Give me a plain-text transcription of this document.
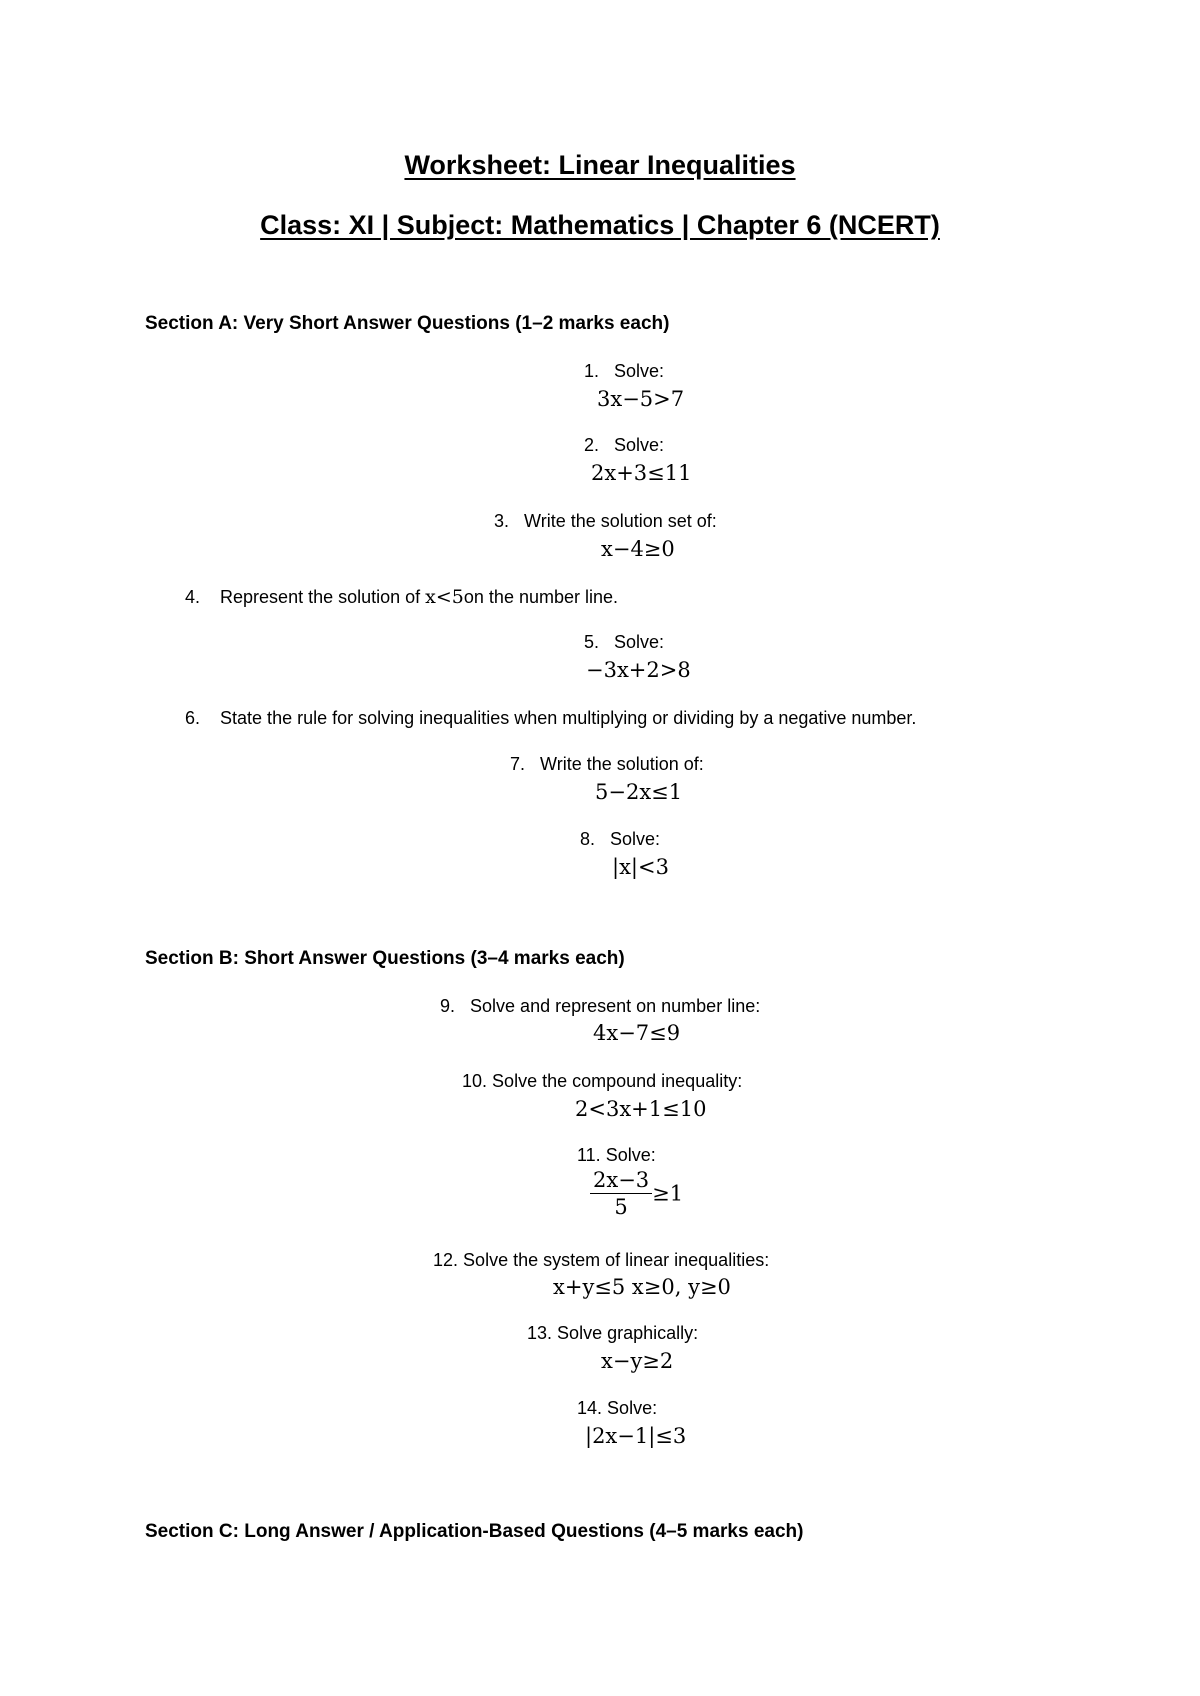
Worksheet: Linear Inequalities
Class: XI | Subject: Mathematics | Chapter 6 (NCERT)
Section A: Very Short Answer Questions (1–2 marks each)
1. Solve:
3x−5>7
2. Solve:
2x+3≤11
3. Write the solution set of:
x−4≥0
4. Represent the solution of x<5on the number line.
5. Solve:
−3x+2>8
6. State the rule for solving inequalities when multiplying or dividing by a negative number.
7. Write the solution of:
5−2x≤1
8. Solve:
|x|<3
Section B: Short Answer Questions (3–4 marks each)
9. Solve and represent on number line:
4x−7≤9
10. Solve the compound inequality:
2<3x+1≤10
11. Solve:
$\frac{2x-3}{5} \ge 1$
12. Solve the system of linear inequalities:
x+y≤5 x≥0, y≥0
13. Solve graphically:
x−y≥2
14. Solve:
|2x−1|≤3
Section C: Long Answer / Application-Based Questions (4–5 marks each)
